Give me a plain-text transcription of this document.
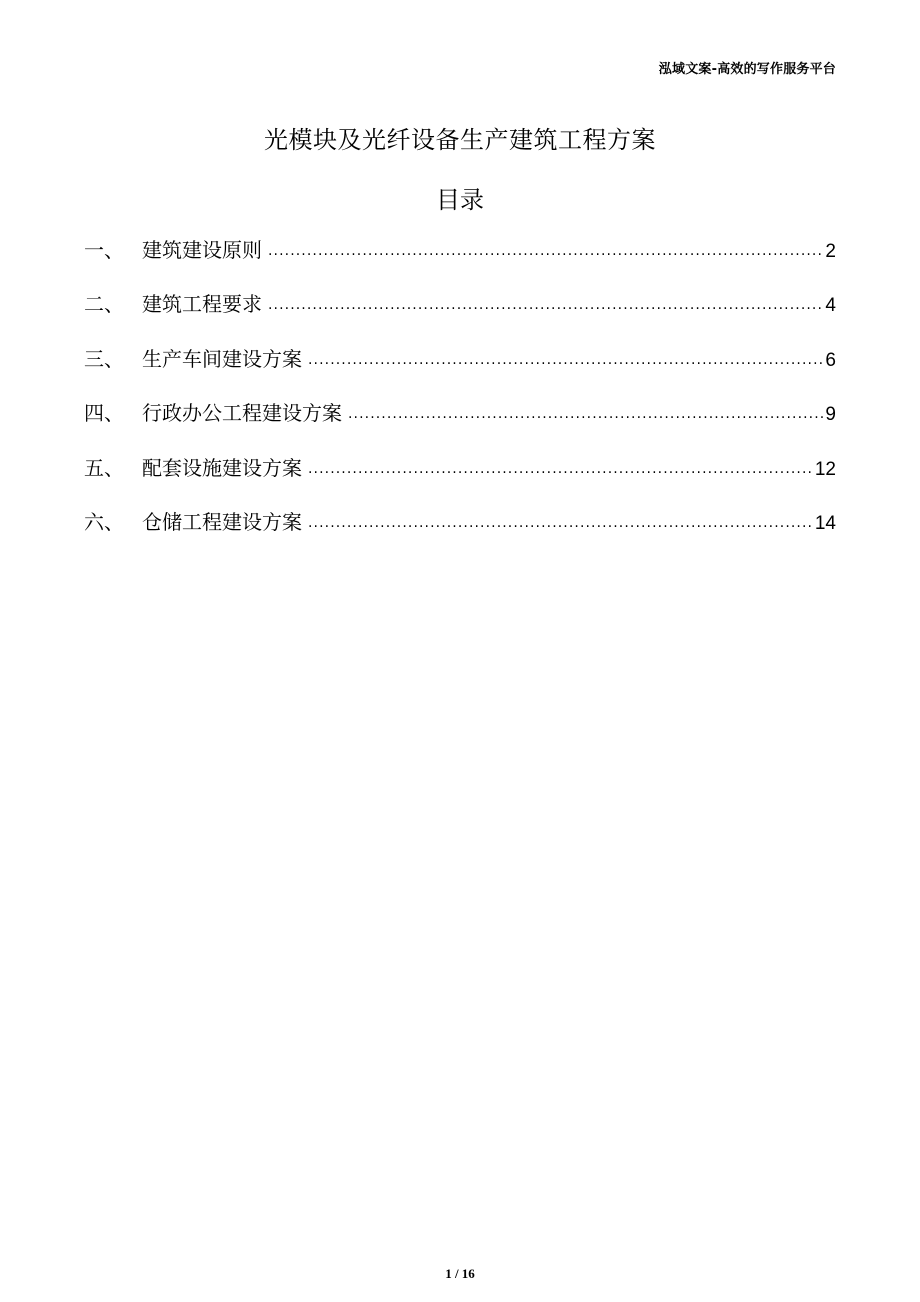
泓域文案-高效的写作服务平台
光模块及光纤设备生产建筑工程方案
目录
一、 建筑建设原则 .....	2
二、 建筑工程要求 .....	4
三、 生产车间建设方案 .....	6
四、 行政办公工程建设方案 .....	9
五、 配套设施建设方案 .....	12
六、 仓储工程建设方案 .....	14
1 / 16
